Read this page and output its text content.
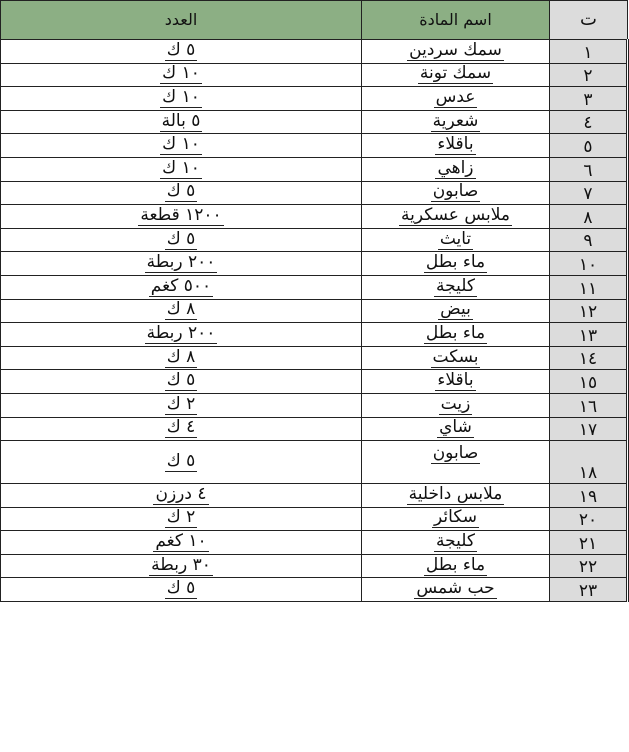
ت	اسم المادة	العدد
١	سمك سردين	٥ ك
٢	سمك تونة	١٠ ك
٣	عدس	١٠ ك
٤	شعرية	٥ بالة
٥	باقلاء	١٠ ك
٦	زاهي	١٠ ك
٧	صابون	٥ ك
٨	ملابس عسكرية	١٢٠٠ قطعة
٩	تايث	٥ ك
١٠	ماء بطل	٢٠٠ ربطة
١١	كليجة	٥٠٠ كغم
١٢	بيض	٨ ك
١٣	ماء بطل	٢٠٠ ربطة
١٤	بسكت	٨ ك
١٥	باقلاء	٥ ك
١٦	زيت	٢ ك
١٧	شاي	٤ ك
١٨	صابون	٥ ك
١٩	ملابس داخلية	٤ درزن
٢٠	سكائر	٢ ك
٢١	كليجة	١٠ كغم
٢٢	ماء بطل	٣٠ ربطة
٢٣	حب شمس	٥ ك
